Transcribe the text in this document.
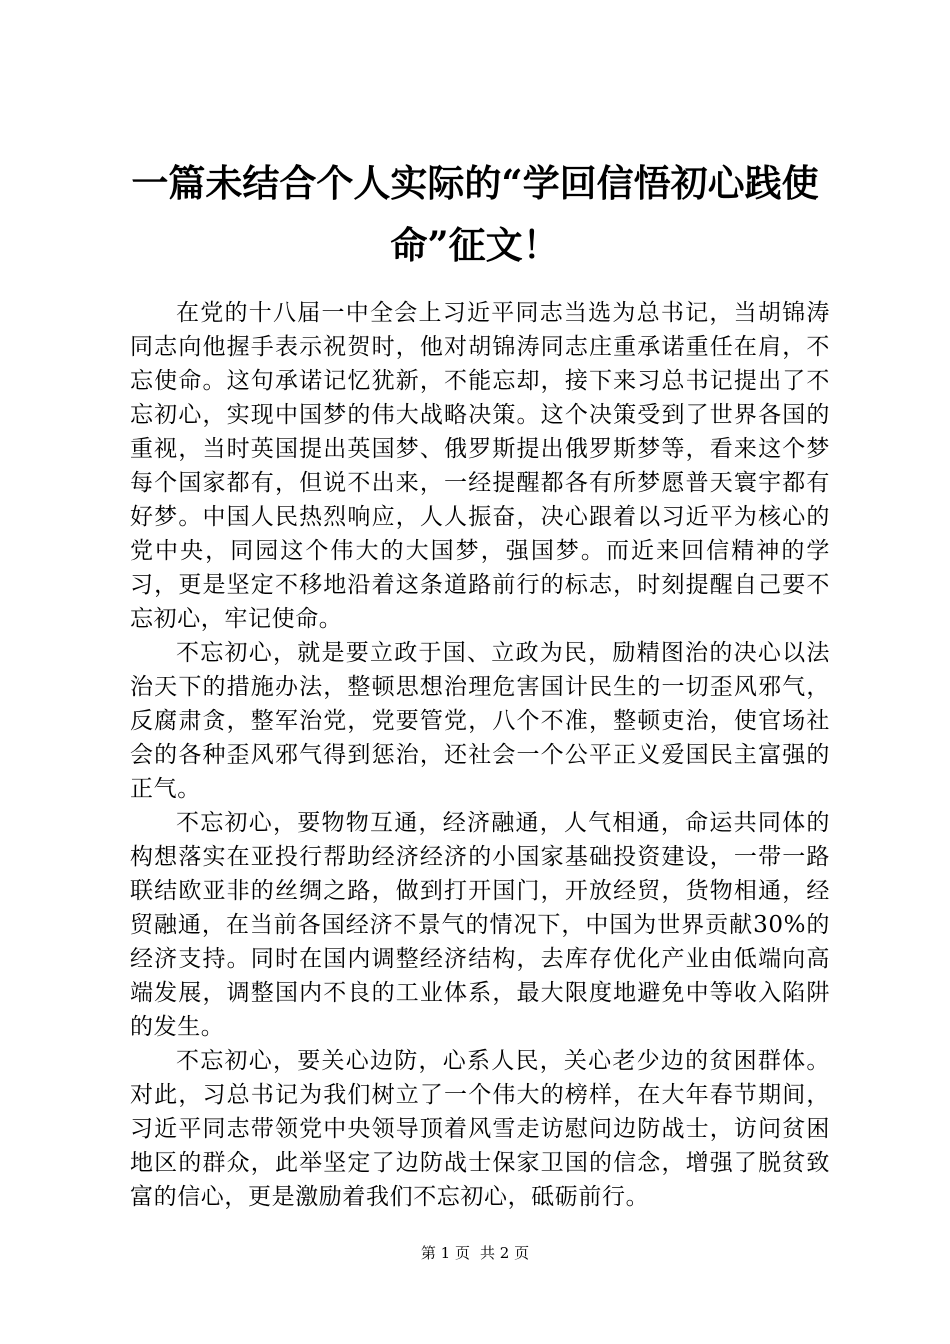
一篇未结合个人实际的“学回信悟初心践使命”征文！

在党的十八届一中全会上习近平同志当选为总书记，当胡锦涛同志向他握手表示祝贺时，他对胡锦涛同志庄重承诺重任在肩，不忘使命。这句承诺记忆犹新，不能忘却，接下来习总书记提出了不忘初心，实现中国梦的伟大战略决策。这个决策受到了世界各国的重视，当时英国提出英国梦、俄罗斯提出俄罗斯梦等，看来这个梦每个国家都有，但说不出来，一经提醒都各有所梦愿普天寰宇都有好梦。中国人民热烈响应，人人振奋，决心跟着以习近平为核心的党中央，同园这个伟大的大国梦，强国梦。而近来回信精神的学习，更是坚定不移地沿着这条道路前行的标志，时刻提醒自己要不忘初心，牢记使命。

不忘初心，就是要立政于国、立政为民，励精图治的决心以法治天下的措施办法，整顿思想治理危害国计民生的一切歪风邪气，反腐肃贪，整军治党，党要管党，八个不准，整顿吏治，使官场社会的各种歪风邪气得到惩治，还社会一个公平正义爱国民主富强的正气。

不忘初心，要物物互通，经济融通，人气相通，命运共同体的构想落实在亚投行帮助经济经济的小国家基础投资建设，一带一路联结欧亚非的丝绸之路，做到打开国门，开放经贸，货物相通，经贸融通，在当前各国经济不景气的情况下，中国为世界贡献30%的经济支持。同时在国内调整经济结构，去库存优化产业由低端向高端发展，调整国内不良的工业体系，最大限度地避免中等收入陷阱的发生。

不忘初心，要关心边防，心系人民，关心老少边的贫困群体。对此，习总书记为我们树立了一个伟大的榜样，在大年春节期间，习近平同志带领党中央领导顶着风雪走访慰问边防战士，访问贫困地区的群众，此举坚定了边防战士保家卫国的信念，增强了脱贫致富的信心，更是激励着我们不忘初心，砥砺前行。

第 1 页 共 2 页
